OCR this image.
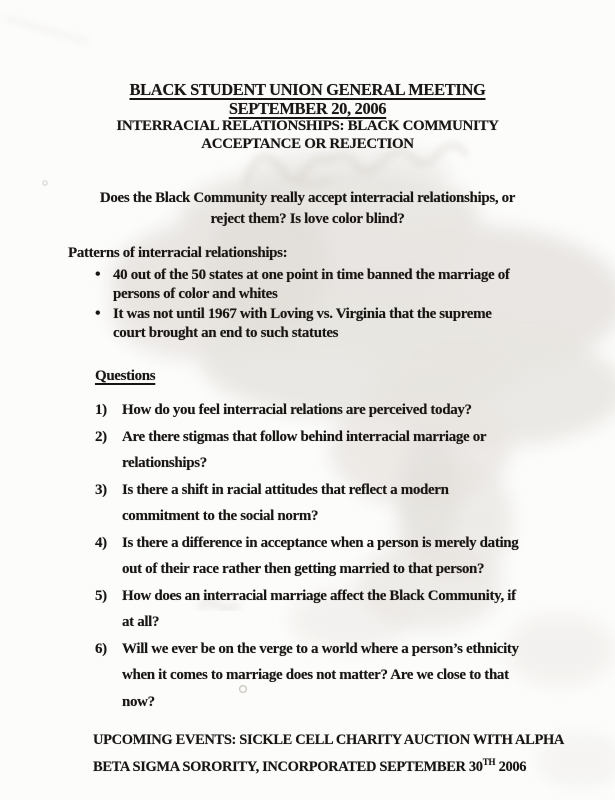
BLACK STUDENT UNION GENERAL MEETING
SEPTEMBER 20, 2006
INTERRACIAL RELATIONSHIPS: BLACK COMMUNITY
ACCEPTANCE OR REJECTION
Does the Black Community really accept interracial relationships, or
reject them? Is love color blind?
Patterns of interracial relationships:
• 40 out of the 50 states at one point in time banned the marriage of
persons of color and whites
• It was not until 1967 with Loving vs. Virginia that the supreme
court brought an end to such statutes
Questions
1)	How do you feel interracial relations are perceived today?
2)	Are there stigmas that follow behind interracial marriage or
relationships?
3)	Is there a shift in racial attitudes that reflect a modern
commitment to the social norm?
4)	Is there a difference in acceptance when a person is merely dating
out of their race rather then getting married to that person?
5)	How does an interracial marriage affect the Black Community, if
at all?
6)	Will we ever be on the verge to a world where a person’s ethnicity
when it comes to marriage does not matter? Are we close to that
now?
UPCOMING EVENTS: SICKLE CELL CHARITY AUCTION WITH ALPHA
BETA SIGMA SORORITY, INCORPORATED SEPTEMBER 30TH 2006
